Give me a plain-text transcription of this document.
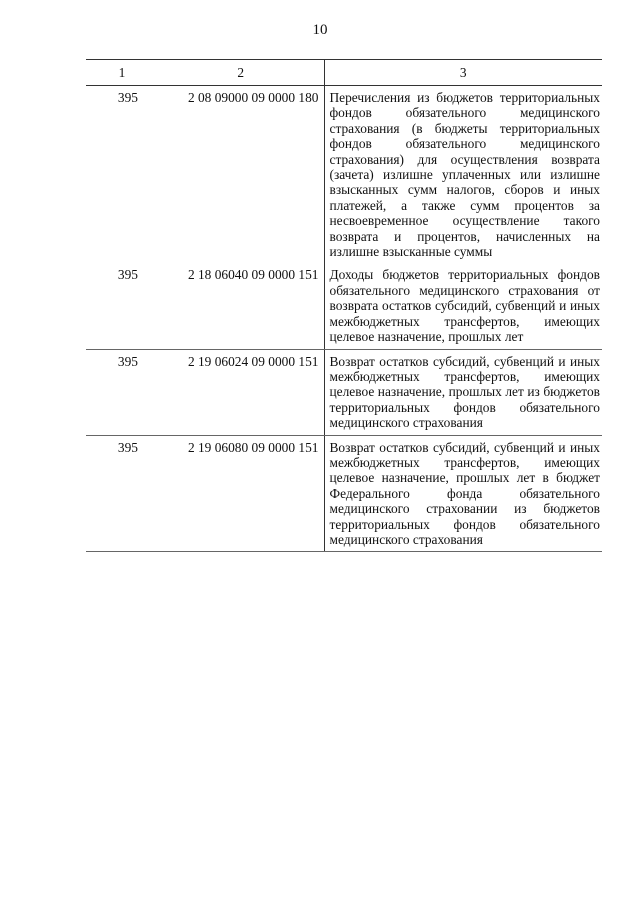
10
1	2	3
395	2 08 09000 09 0000 180	Перечисления из бюджетов территориальных фондов обязательного медицинского страхования (в бюджеты территориальных фондов обязательного медицинского страхования) для осуществления возврата (зачета) излишне уплаченных или излишне взысканных сумм налогов, сборов и иных платежей, а также сумм процентов за несвоевременное осуществление такого возврата и процентов, начисленных на излишне взысканные суммы
395	2 18 06040 09 0000 151	Доходы бюджетов территориальных фондов обязательного медицинского страхования от возврата остатков субсидий, субвенций и иных межбюджетных трансфертов, имеющих целевое назначение, прошлых лет
395	2 19 06024 09 0000 151	Возврат остатков субсидий, субвенций и иных межбюджетных трансфертов, имеющих целевое назначение, прошлых лет из бюджетов территориальных фондов обязательного медицинского страхования
395	2 19 06080 09 0000 151	Возврат остатков субсидий, субвенций и иных межбюджетных трансфертов, имеющих целевое назначение, прошлых лет в бюджет Федерального фонда обязательного медицинского страховании из бюджетов территориальных фондов обязательного медицинского страхования
